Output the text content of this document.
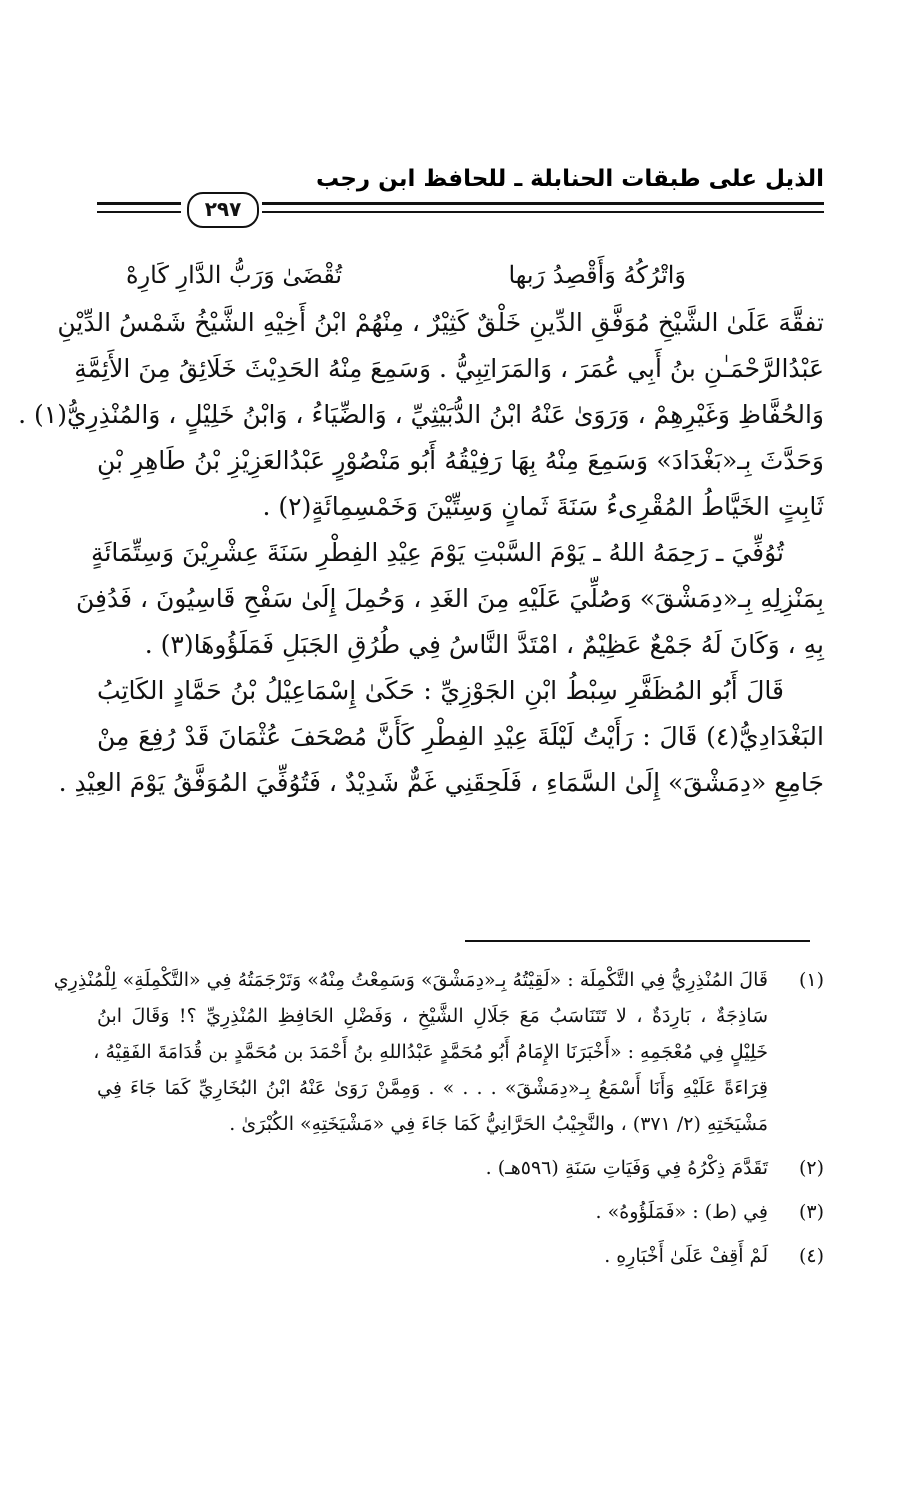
الذيل على طبقات الحنابلة ـ للحافظ ابن رجب
٢٩٧
وَاتْرُكُهُ وَأَقْصِدُ رَبها
تُقْضَىٰ وَرَبُّ الدَّارِ كَارِهْ
تفقَّهَ عَلَىٰ الشَّيْخِ مُوَفَّقِ الدِّينِ خَلْقٌ كَثِيْرٌ ، مِنْهُمْ ابْنُ أَخِيْهِ الشَّيْخُ شَمْسُ الدِّيْنِ
عَبْدُالرَّحْمَـٰنِ بنُ أَبِي عُمَرَ ، وَالمَرَاتِبِيُّ . وَسَمِعَ مِنْهُ الحَدِيْثَ خَلَائِقُ مِنَ الأَئِمَّةِ
وَالحُفَّاظِ وَغَيْرِهِمْ ، وَرَوَىٰ عَنْهُ ابْنُ الدُّبَيْثِيِّ ، وَالضِّيَاءُ ، وَابْنُ خَلِيْلٍ ، وَالمُنْذِرِيُّ(١) .
وَحَدَّثَ بِـ«بَغْدَادَ» وَسَمِعَ مِنْهُ بِهَا رَفِيْقُهُ أَبُو مَنْصُوْرٍ عَبْدُالعَزِيْزِ بْنُ طَاهِرِ بْنِ
ثَابِتٍ الخَيَّاطُ المُقْرِىءُ سَنَةَ ثَمانٍ وَسِتِّيْنَ وَخَمْسِمِائَةٍ(٢) .
تُوُفِّيَ ـ رَحِمَهُ اللهُ ـ يَوْمَ السَّبْتِ يَوْمَ عِيْدِ الفِطْرِ سَنَةَ عِشْرِيْنَ وَسِتِّمَائَةٍ
بِمَنْزِلِهِ بِـ«دِمَشْقَ» وَصُلِّيَ عَلَيْهِ مِنَ الغَدِ ، وَحُمِلَ إِلَىٰ سَفْحِ قَاسِيُونَ ، فَدُفِنَ
بِهِ ، وَكَانَ لَهُ جَمْعٌ عَظِيْمٌ ، امْتَدَّ النَّاسُ فِي طُرُقِ الجَبَلِ فَمَلَؤُوهَا(٣) .
قَالَ أَبُو المُظَفَّرِ سِبْطُ ابْنِ الجَوْزِيِّ : حَكَىٰ إِسْمَاعِيْلُ بْنُ حَمَّادٍ الكَاتِبُ
البَغْدَادِيُّ(٤) قَالَ : رَأَيْتُ لَيْلَةَ عِيْدِ الفِطْرِ كَأَنَّ مُصْحَفَ عُثْمَانَ قَدْ رُفِعَ مِنْ
جَامِعِ «دِمَشْقَ» إِلَىٰ السَّمَاءِ ، فَلَحِقَنِي غَمٌّ شَدِيْدٌ ، فَتُوُفِّيَ المُوَفَّقُ يَوْمَ العِيْدِ .
(١)
قَالَ المُنْذِرِيُّ فِي التَّكْمِلَة : «لَقِيْتُهُ بِـ«دِمَشْقَ» وَسَمِعْتُ مِنْهُ» وَتَرْجَمَتُهُ فِي «التَّكْمِلَةِ» لِلْمُنْذِرِي
سَاذِجَةٌ ، بَارِدَةٌ ، لا تَتَنَاسَبُ مَعَ جَلَالِ الشَّيْخِ ، وَفَضْلِ الحَافِظِ المُنْذِرِيِّ ؟! وَقَالَ ابنُ
خَلِيْلٍ فِي مُعْجَمِهِ : «أَخْبَرَنَا الإِمَامُ أَبُو مُحَمَّدٍ عَبْدُاللهِ بنُ أَحْمَدَ بن مُحَمَّدٍ بن قُدَامَةَ الفَقِيْهُ ،
قِرَاءَةً عَلَيْهِ وَأَنَا أَسْمَعُ بِـ«دِمَشْقَ» . . . » . وَمِمَّنْ رَوَىٰ عَنْهُ ابْنُ البُخَارِيِّ كَمَا جَاءَ فِي
مَشْيَخَتِهِ (٢/ ٣٧١) ، والنَّجِيْبُ الحَرَّانِيُّ كَمَا جَاءَ فِي «مَشْيَخَتِهِ» الكُبْرَىٰ .
(٢)
تَقَدَّمَ ذِكْرُهُ فِي وَفَيَاتِ سَنَةِ (٥٩٦هـ) .
(٣)
فِي (ط) : «فَمَلَؤُوهُ» .
(٤)
لَمْ أَقِفْ عَلَىٰ أَخْبَارِهِ .
